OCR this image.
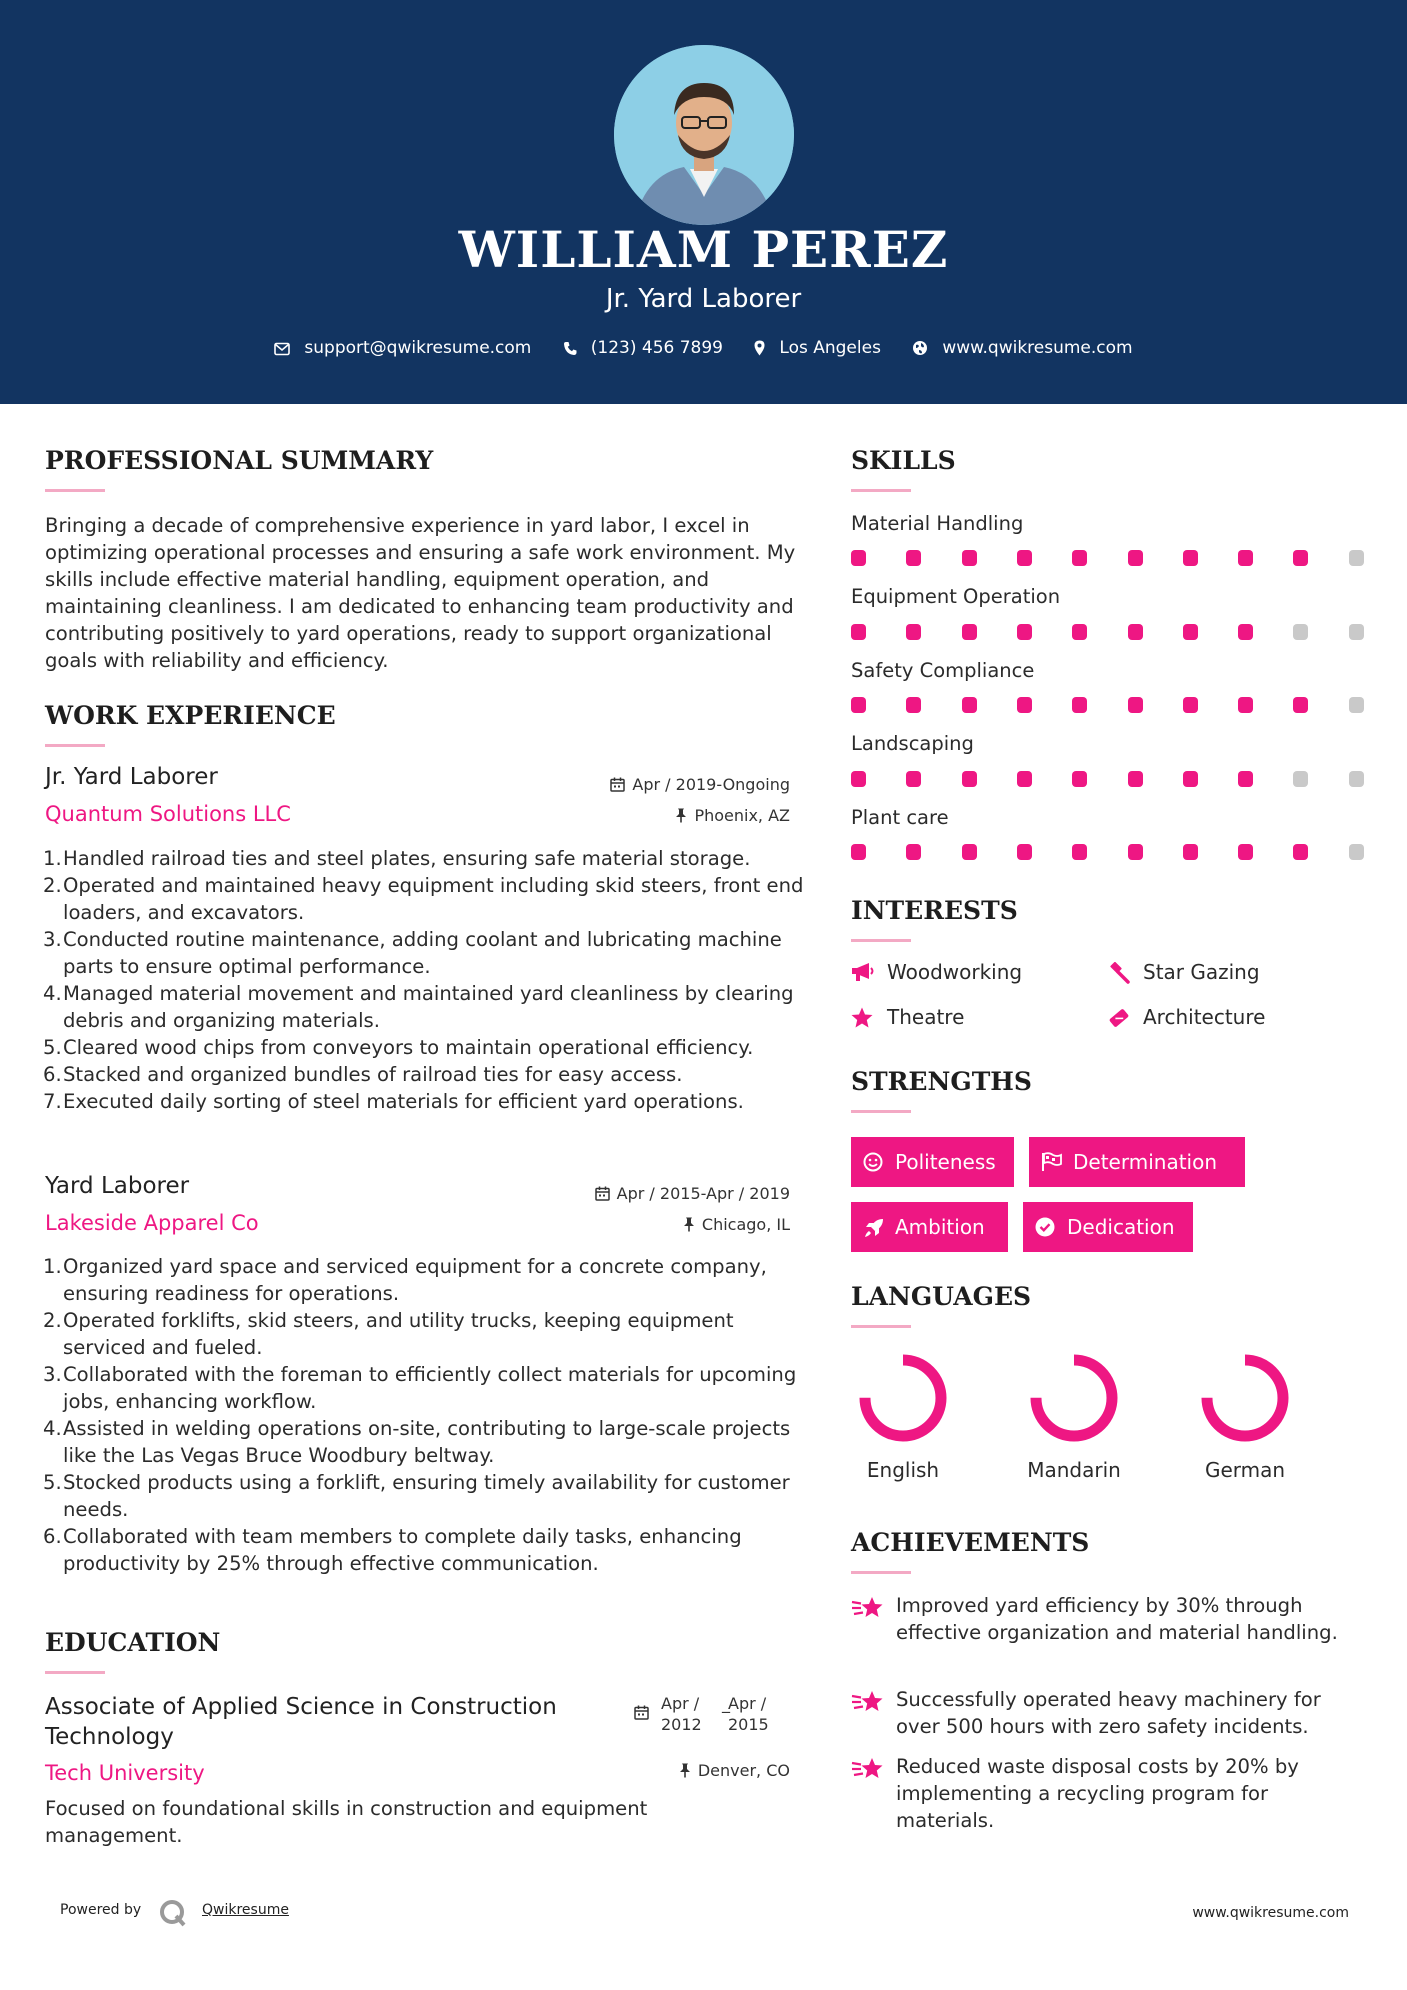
WILLIAM PEREZ
Jr. Yard Laborer
support@qwikresume.com	(123) 456 7899	Los Angeles	www.qwikresume.com
PROFESSIONAL SUMMARY
Bringing a decade of comprehensive experience in yard labor, I excel in optimizing operational processes and ensuring a safe work environment. My skills include effective material handling, equipment operation, and maintaining cleanliness. I am dedicated to enhancing team productivity and contributing positively to yard operations, ready to support organizational goals with reliability and efficiency.
WORK EXPERIENCE
Jr. Yard Laborer	Apr / 2019-Ongoing
Quantum Solutions LLC	Phoenix, AZ
1. Handled railroad ties and steel plates, ensuring safe material storage.
2. Operated and maintained heavy equipment including skid steers, front end loaders, and excavators.
3. Conducted routine maintenance, adding coolant and lubricating machine parts to ensure optimal performance.
4. Managed material movement and maintained yard cleanliness by clearing debris and organizing materials.
5. Cleared wood chips from conveyors to maintain operational efficiency.
6. Stacked and organized bundles of railroad ties for easy access.
7. Executed daily sorting of steel materials for efficient yard operations.
Yard Laborer	Apr / 2015-Apr / 2019
Lakeside Apparel Co	Chicago, IL
1. Organized yard space and serviced equipment for a concrete company, ensuring readiness for operations.
2. Operated forklifts, skid steers, and utility trucks, keeping equipment serviced and fueled.
3. Collaborated with the foreman to efficiently collect materials for upcoming jobs, enhancing workflow.
4. Assisted in welding operations on-site, contributing to large-scale projects like the Las Vegas Bruce Woodbury beltway.
5. Stocked products using a forklift, ensuring timely availability for customer needs.
6. Collaborated with team members to complete daily tasks, enhancing productivity by 25% through effective communication.
EDUCATION
Associate of Applied Science in Construction
Technology
Apr /
2012
_
Apr /
2015
Tech University	Denver, CO
Focused on foundational skills in construction and equipment management.
SKILLS
Material Handling
Equipment Operation
Safety Compliance
Landscaping
Plant care
INTERESTS
Woodworking	Star Gazing
Theatre	Architecture
STRENGTHS
Politeness	Determination
Ambition	Dedication
LANGUAGES
English	Mandarin	German
ACHIEVEMENTS
Improved yard efficiency by 30% through effective organization and material handling.
Successfully operated heavy machinery for over 500 hours with zero safety incidents.
Reduced waste disposal costs by 20% by implementing a recycling program for materials.
Powered by	Qwikresume	www.qwikresume.com
